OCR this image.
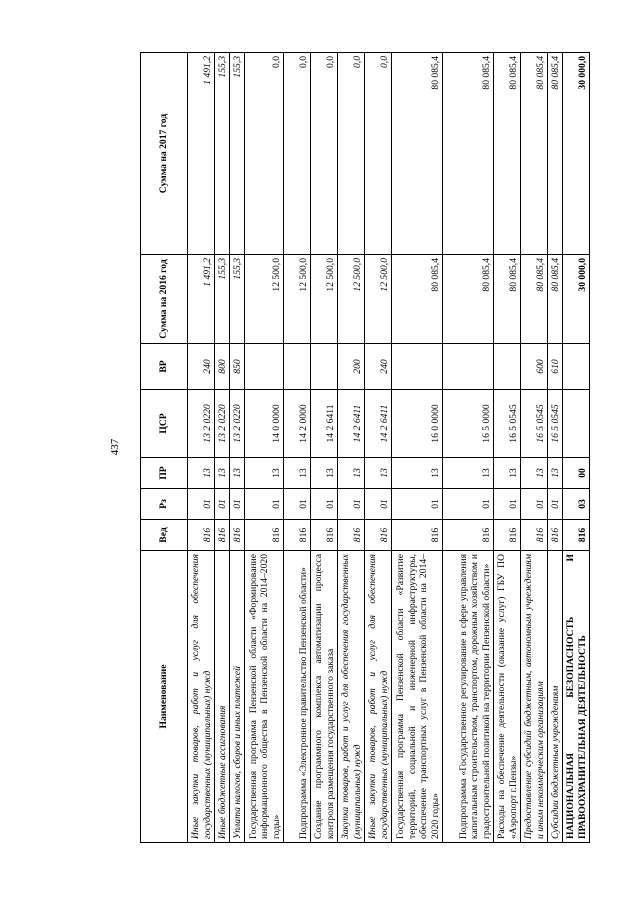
437
Наименование	Вед	Рз	ПР	ЦСР	ВР	Сумма на 2016 год	Сумма на 2017 год
Иные закупки товаров, работ и услуг для обеспечения государственных (муниципальных) нужд	816	01	13	13 2 0220	240	1 491,2	1 491,2
Иные бюджетные ассигнования	816	01	13	13 2 0220	800	155,3	155,3
Уплата налогов, сборов и иных платежей	816	01	13	13 2 0220	850	155,3	155,3
Государственная программа Пензенской области «Формирование информационного общества в Пензенской области на 2014–2020 годы»	816	01	13	14 0 0000		12 500,0	0,0
Подпрограмма «Электронное правительство Пензенской области»	816	01	13	14 2 0000		12 500,0	0,0
Создание программного комплекса автоматизации процесса контроля размещения государственного заказа	816	01	13	14 2 6411		12 500,0	0,0
Закупка товаров, работ и услуг для обеспечения государственных (муниципальных) нужд	816	01	13	14 2 6411	200	12 500,0	0,0
Иные закупки товаров, работ и услуг для обеспечения государственных (муниципальных) нужд	816	01	13	14 2 6411	240	12 500,0	0,0
Государственная программа Пензенской области «Развитие территорий, социальной и инженерной инфраструктуры, обеспечение транспортных услуг в Пензенской области на 2014–2020 годы»	816	01	13	16 0 0000		80 085,4	80 085,4
Подпрограмма «Государственное регулирование в сфере управления капитальным строительством, транспортом, дорожным хозяйством и градостроительной политикой на территории Пензенской области»	816	01	13	16 5 0000		80 085,4	80 085,4
Расходы на обеспечение деятельности (оказание услуг) ГБУ ПО «Аэропорт г.Пензы»	816	01	13	16 5 0545		80 085,4	80 085,4
Предоставление субсидий бюджетным, автономным учреждениям и иным некоммерческим организациям	816	01	13	16 5 0545	600	80 085,4	80 085,4
Субсидии бюджетным учреждениям	816	01	13	16 5 0545	610	80 085,4	80 085,4
НАЦИОНАЛЬНАЯ БЕЗОПАСНОСТЬ И ПРАВООХРАНИТЕЛЬНАЯ ДЕЯТЕЛЬНОСТЬ	816	03	00			30 000,0	30 000,0
